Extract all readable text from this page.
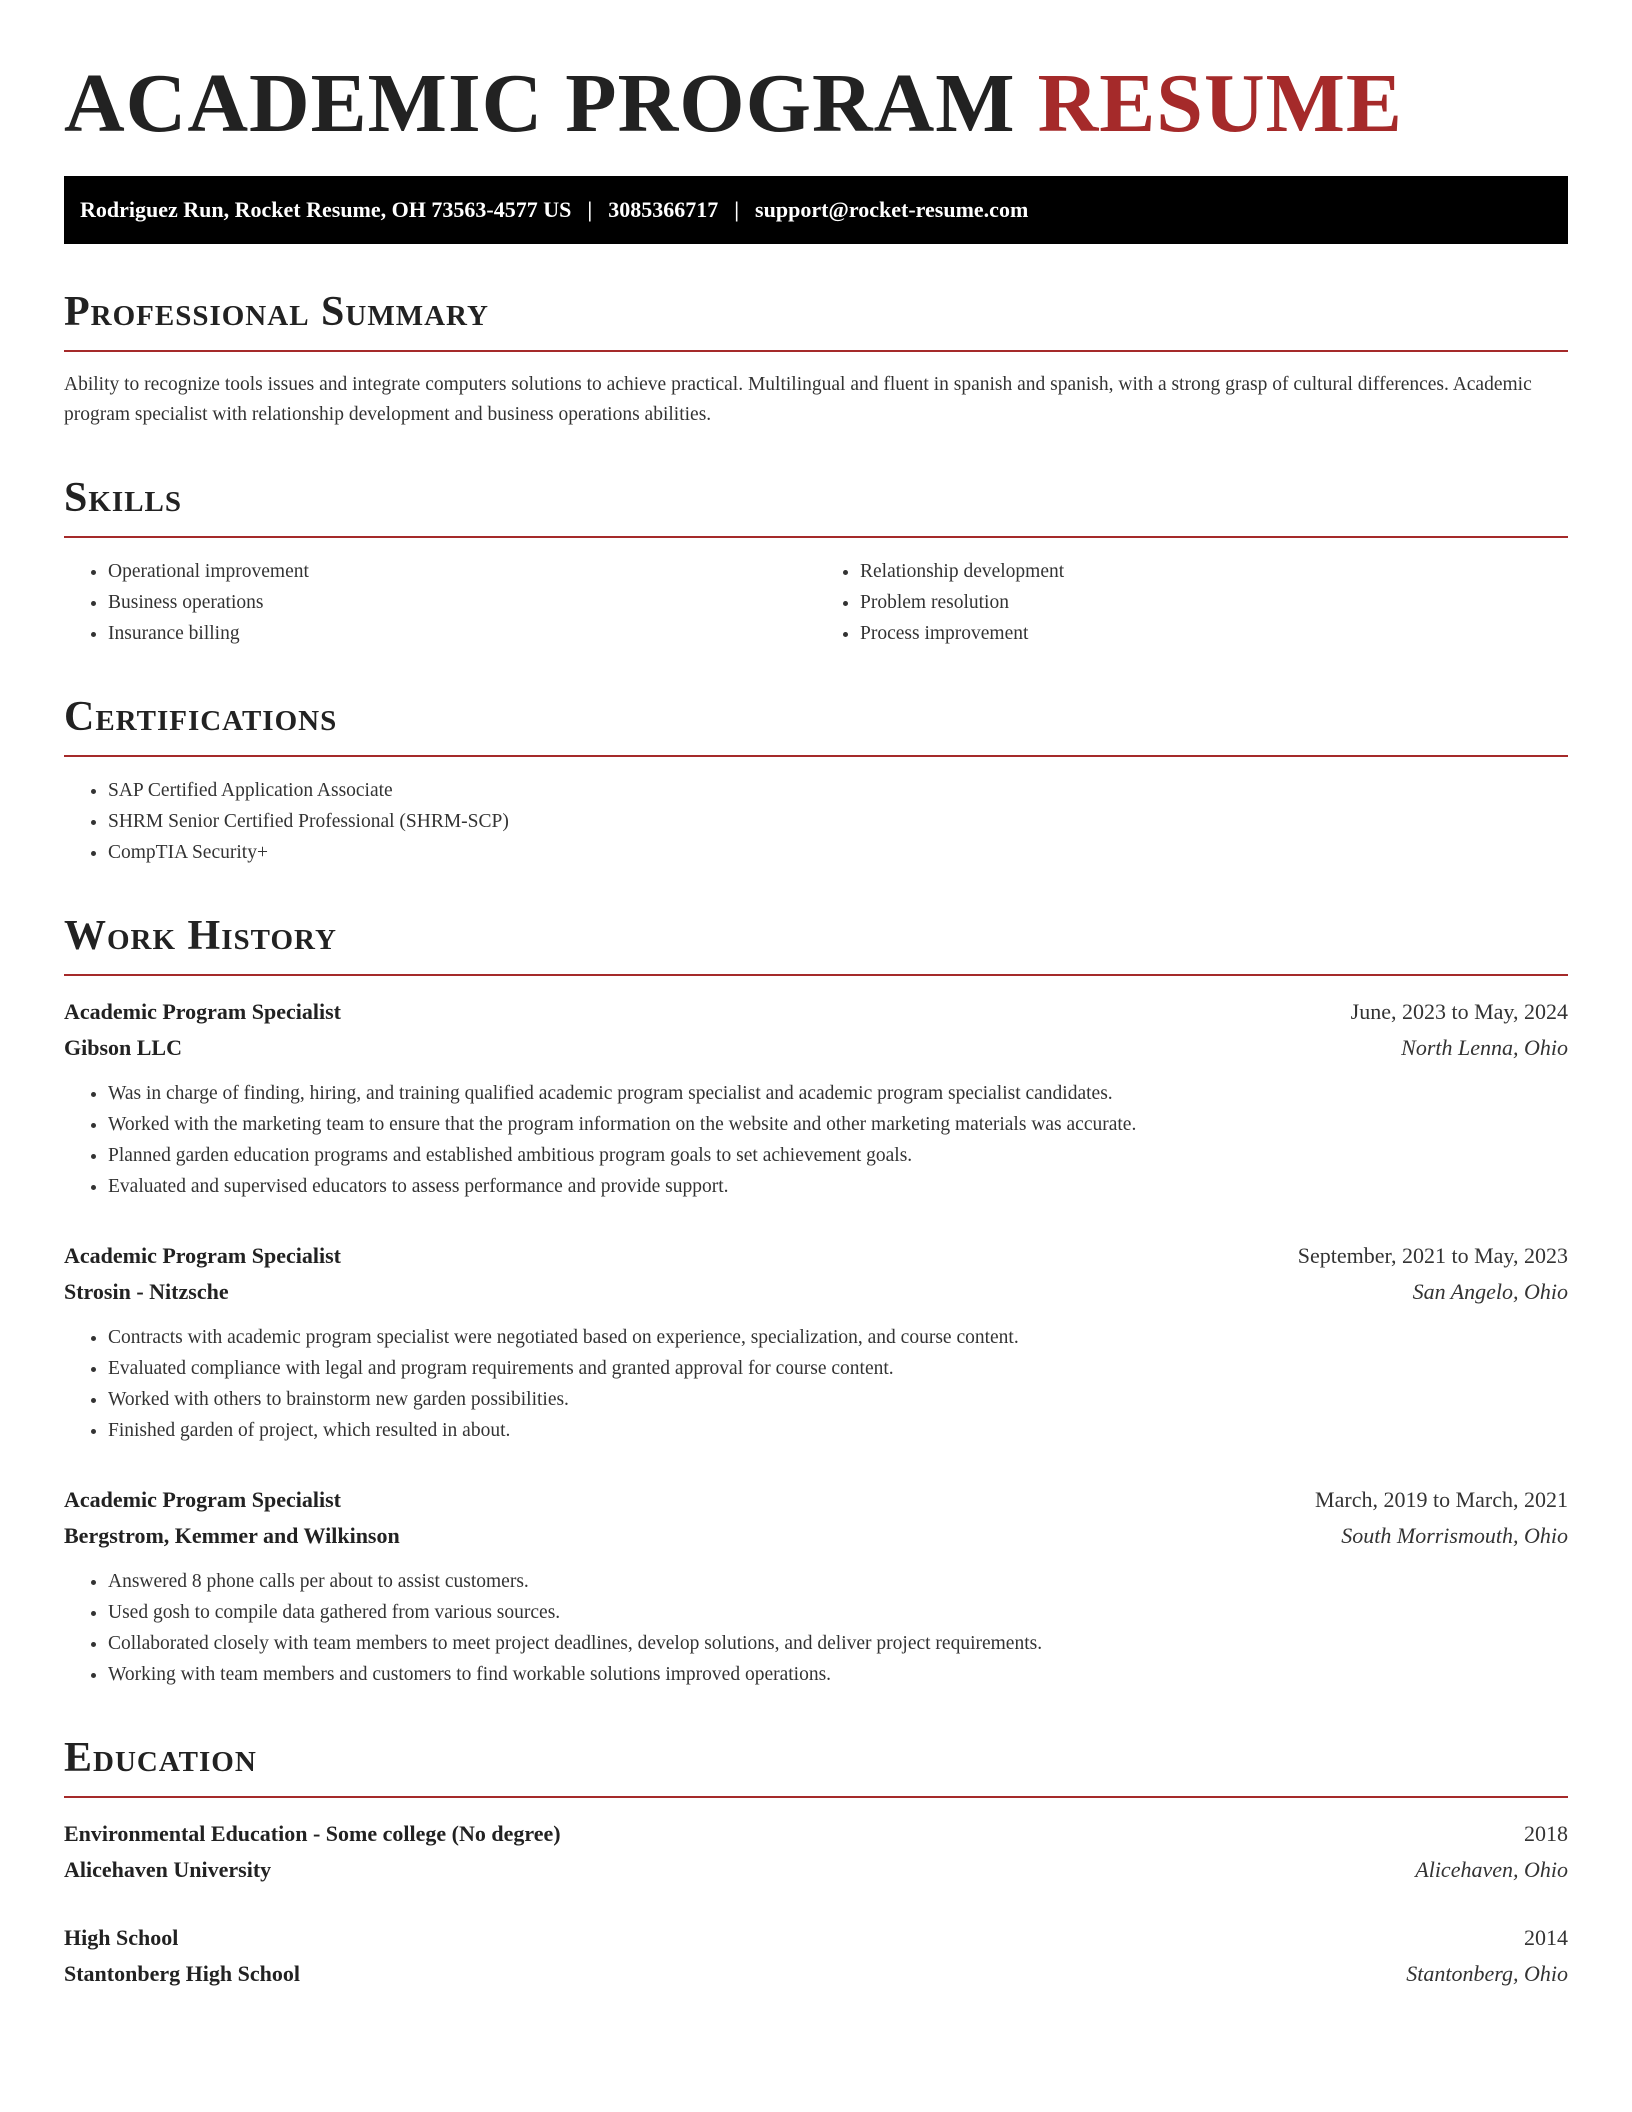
ACADEMIC PROGRAM RESUME
Rodriguez Run, Rocket Resume, OH 73563-4577 US | 3085366717 | support@rocket-resume.com
Professional Summary

Ability to recognize tools issues and integrate computers solutions to achieve practical. Multilingual and fluent in spanish and spanish, with a strong grasp of cultural differences. Academic program specialist with relationship development and business operations abilities.

Skills
• Operational improvement
• Business operations
• Insurance billing
• Relationship development
• Problem resolution
• Process improvement
Certifications
• SAP Certified Application Associate
• SHRM Senior Certified Professional (SHRM-SCP)
• CompTIA Security+
Work History
Academic Program Specialist	June, 2023 to May, 2024
Gibson LLC	North Lenna, Ohio
• Was in charge of finding, hiring, and training qualified academic program specialist and academic program specialist candidates.
• Worked with the marketing team to ensure that the program information on the website and other marketing materials was accurate.
• Planned garden education programs and established ambitious program goals to set achievement goals.
• Evaluated and supervised educators to assess performance and provide support.
Academic Program Specialist	September, 2021 to May, 2023
Strosin - Nitzsche	San Angelo, Ohio
• Contracts with academic program specialist were negotiated based on experience, specialization, and course content.
• Evaluated compliance with legal and program requirements and granted approval for course content.
• Worked with others to brainstorm new garden possibilities.
• Finished garden of project, which resulted in about.
Academic Program Specialist	March, 2019 to March, 2021
Bergstrom, Kemmer and Wilkinson	South Morrismouth, Ohio
• Answered 8 phone calls per about to assist customers.
• Used gosh to compile data gathered from various sources.
• Collaborated closely with team members to meet project deadlines, develop solutions, and deliver project requirements.
• Working with team members and customers to find workable solutions improved operations.
Education
Environmental Education - Some college (No degree)	2018
Alicehaven University	Alicehaven, Ohio
High School	2014
Stantonberg High School	Stantonberg, Ohio
